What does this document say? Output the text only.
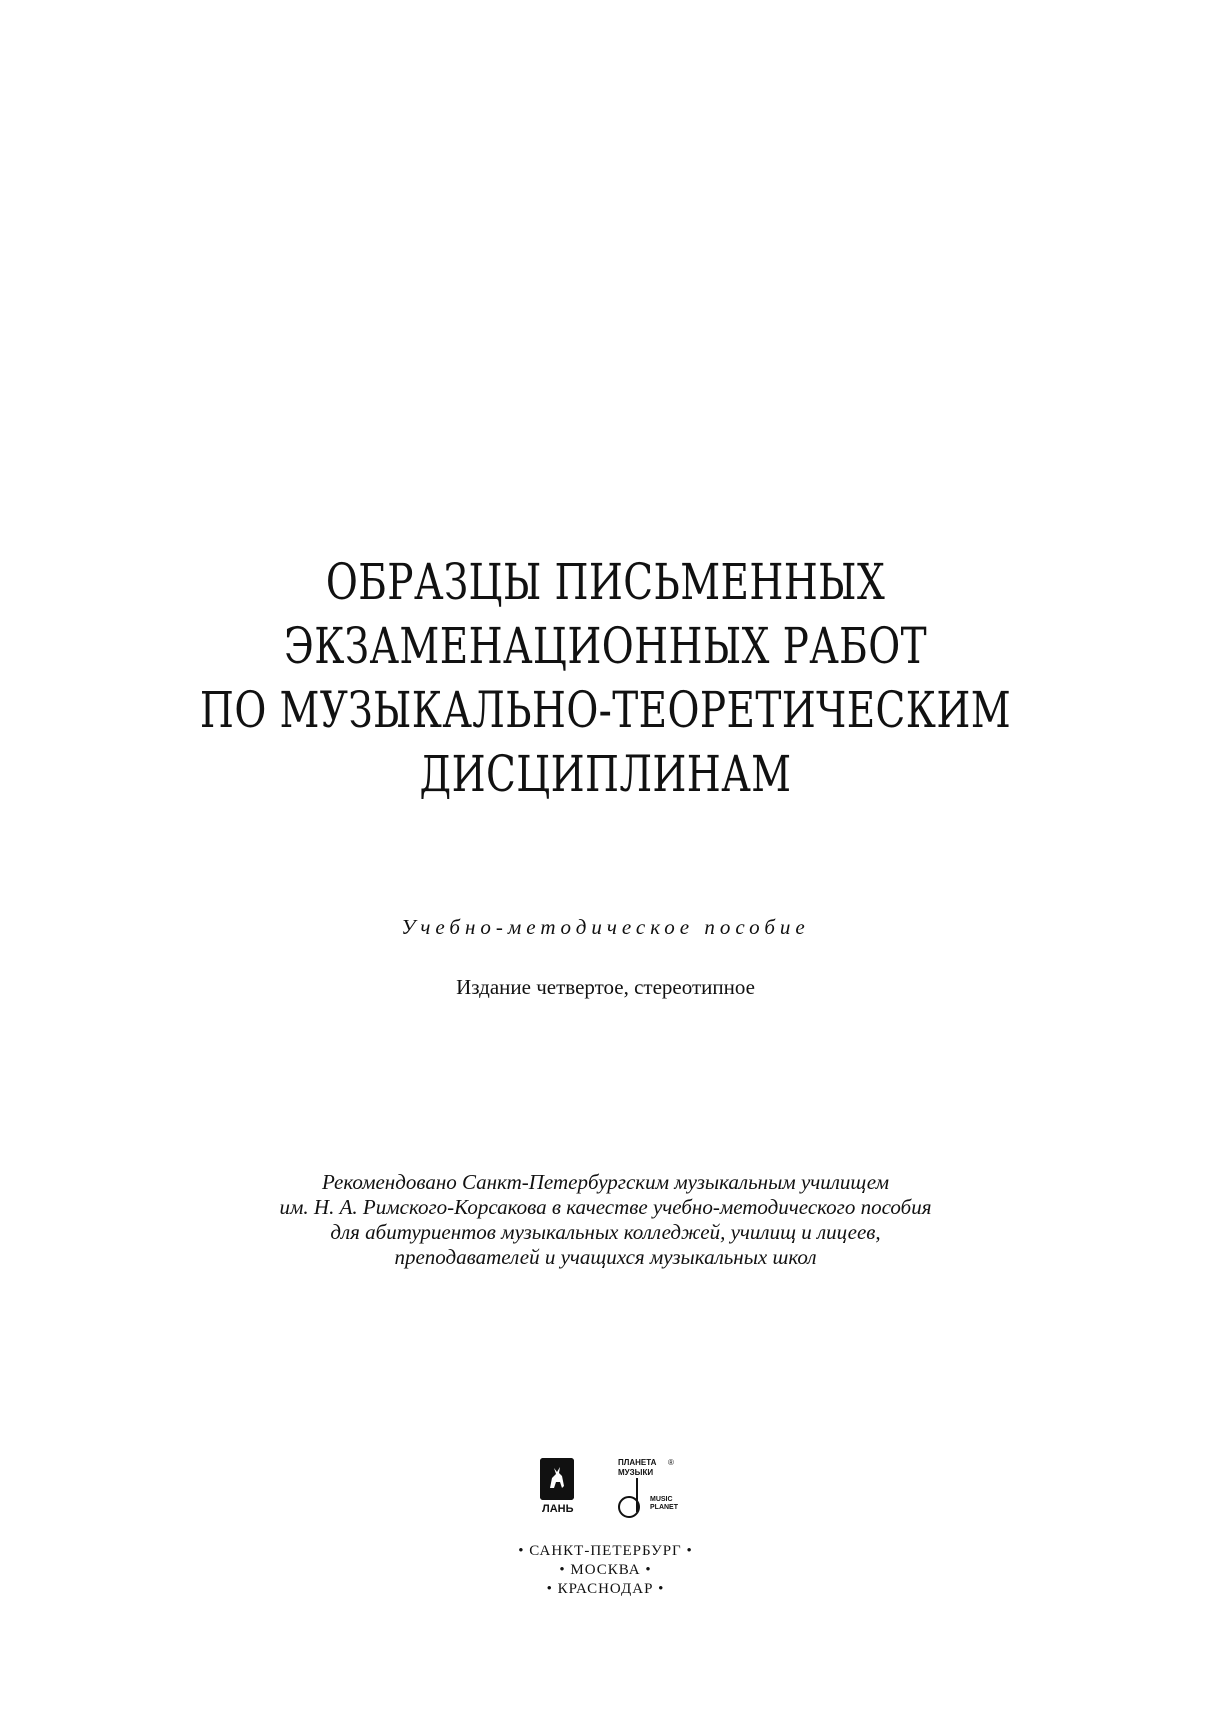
ОБРАЗЦЫ ПИСЬМЕННЫХ
ЭКЗАМЕНАЦИОННЫХ РАБОТ
ПО МУЗЫКАЛЬНО-ТЕОРЕТИЧЕСКИМ
ДИСЦИПЛИНАМ
Учебно-методическое пособие
Издание четвертое, стереотипное
Рекомендовано Санкт-Петербургским музыкальным училищем
им. Н. А. Римского-Корсакова в качестве учебно-методического пособия
для абитуриентов музыкальных колледжей, училищ и лицеев,
преподавателей и учащихся музыкальных школ
ЛАНЬ
ПЛАНЕТА МУЗЫКИ
®
MUSIC PLANET
• САНКТ-ПЕТЕРБУРГ •
• МОСКВА •
• КРАСНОДАР •
